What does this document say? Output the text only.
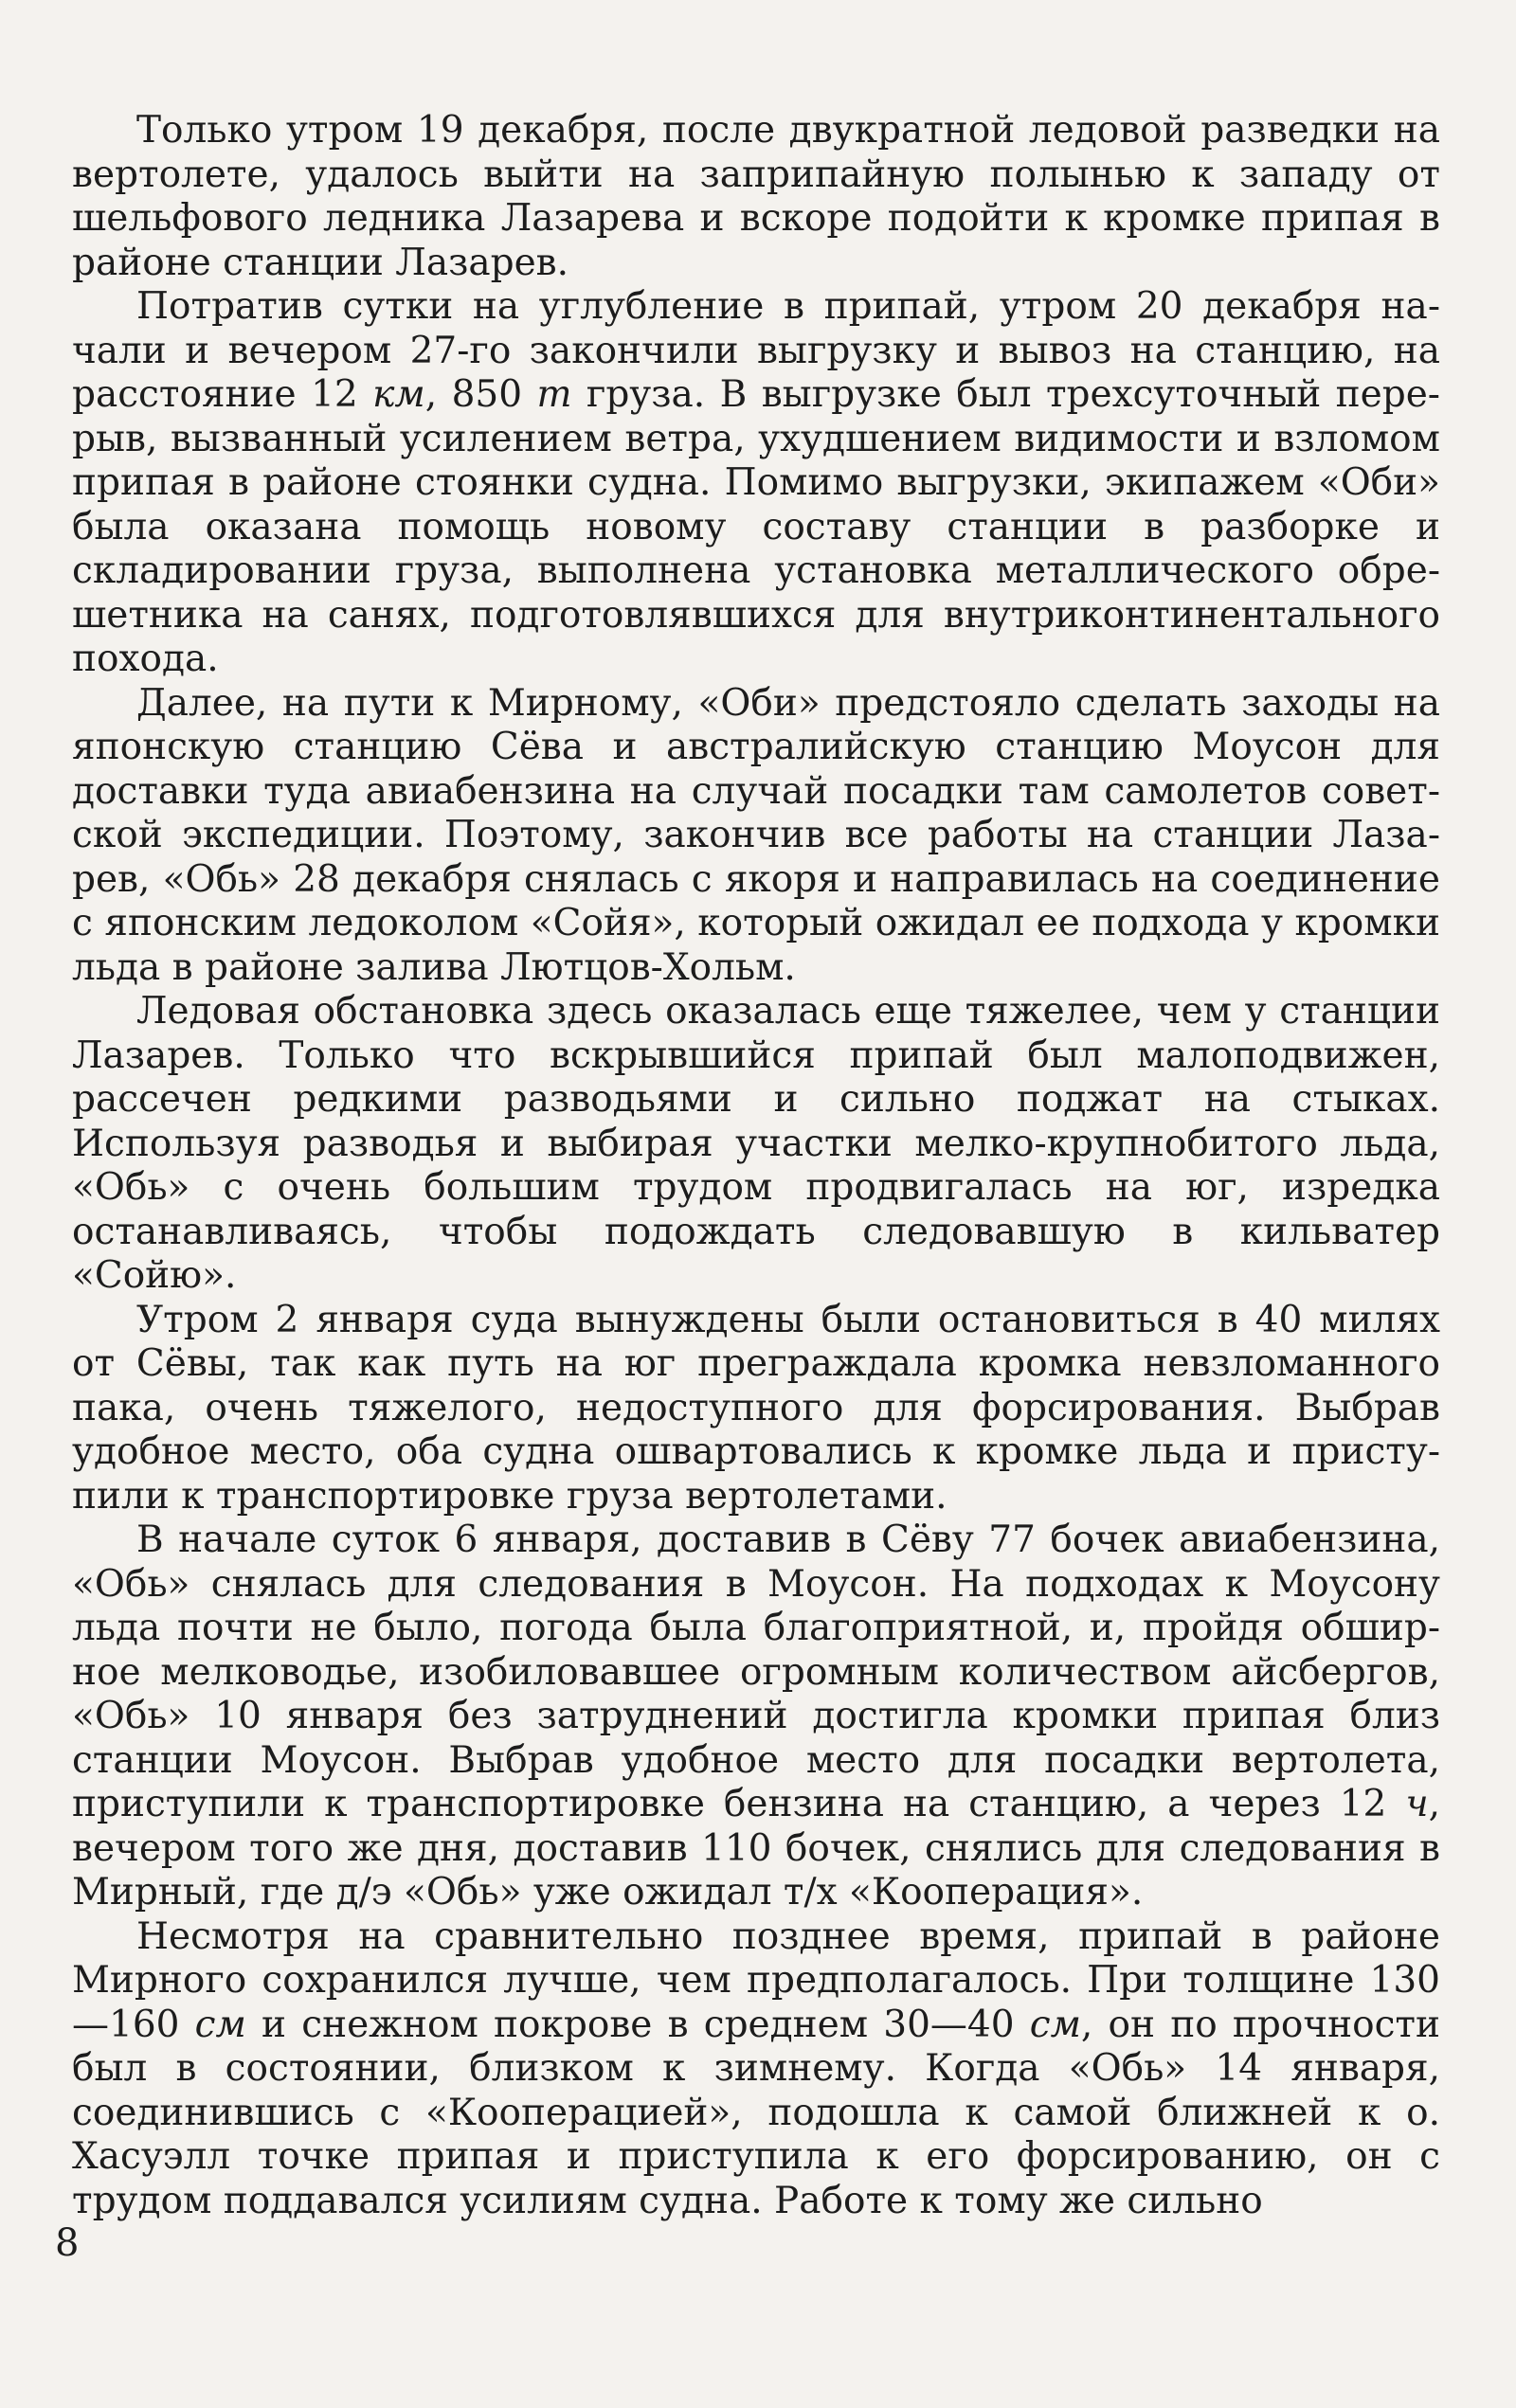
Только утром 19 декабря, после двукратной ледовой разведки на вертолете, удалось выйти на заприпайную полынью к западу от шельфового ледника Лазарева и вскоре подойти к кромке припая в районе станции Лазарев.

Потратив сутки на углубление в припай, утром 20 декабря начали и вечером 27-го закончили выгрузку и вывоз на станцию, на расстояние 12 км, 850 т груза. В выгрузке был трехсуточный перерыв, вызванный усилением ветра, ухудшением видимости и взломом припая в районе стоянки судна. Помимо выгрузки, экипажем «Оби» была оказана помощь новому составу станции в разборке и складировании груза, выполнена установка металлического обрешетника на санях, подготовлявшихся для внутриконтинентального похода.

Далее, на пути к Мирному, «Оби» предстояло сделать заходы на японскую станцию Сёва и австралийскую станцию Моусон для доставки туда авиабензина на случай посадки там самолетов советской экспедиции. Поэтому, закончив все работы на станции Лазарев, «Обь» 28 декабря снялась с якоря и направилась на соединение с японским ледоколом «Сойя», который ожидал ее подхода у кромки льда в районе залива Лютцов-Хольм.

Ледовая обстановка здесь оказалась еще тяжелее, чем у станции Лазарев. Только что вскрывшийся припай был малоподвижен, рассечен редкими разводьями и сильно поджат на стыках. Используя разводья и выбирая участки мелко-крупнобитого льда, «Обь» с очень большим трудом продвигалась на юг, изредка останавливаясь, чтобы подождать следовавшую в кильватер «Сойю».

Утром 2 января суда вынуждены были остановиться в 40 милях от Сёвы, так как путь на юг преграждала кромка невзломанного пака, очень тяжелого, недоступного для форсирования. Выбрав удобное место, оба судна ошвартовались к кромке льда и приступили к транспортировке груза вертолетами.

В начале суток 6 января, доставив в Сёву 77 бочек авиабензина, «Обь» снялась для следования в Моусон. На подходах к Моусону льда почти не было, погода была благоприятной, и, пройдя обширное мелководье, изобиловавшее огромным количеством айсбергов, «Обь» 10 января без затруднений достигла кромки припая близ станции Моусон. Выбрав удобное место для посадки вертолета, приступили к транспортировке бензина на станцию, а через 12 ч, вечером того же дня, доставив 110 бочек, снялись для следования в Мирный, где д/э «Обь» уже ожидал т/х «Кооперация».

Несмотря на сравнительно позднее время, припай в районе Мирного сохранился лучше, чем предполагалось. При толщине 130—160 см и снежном покрове в среднем 30—40 см, он по прочности был в состоянии, близком к зимнему. Когда «Обь» 14 января, соединившись с «Кооперацией», подошла к самой ближней к о. Хасуэлл точке припая и приступила к его форсированию, он с трудом поддавался усилиям судна. Работе к тому же сильно

8
